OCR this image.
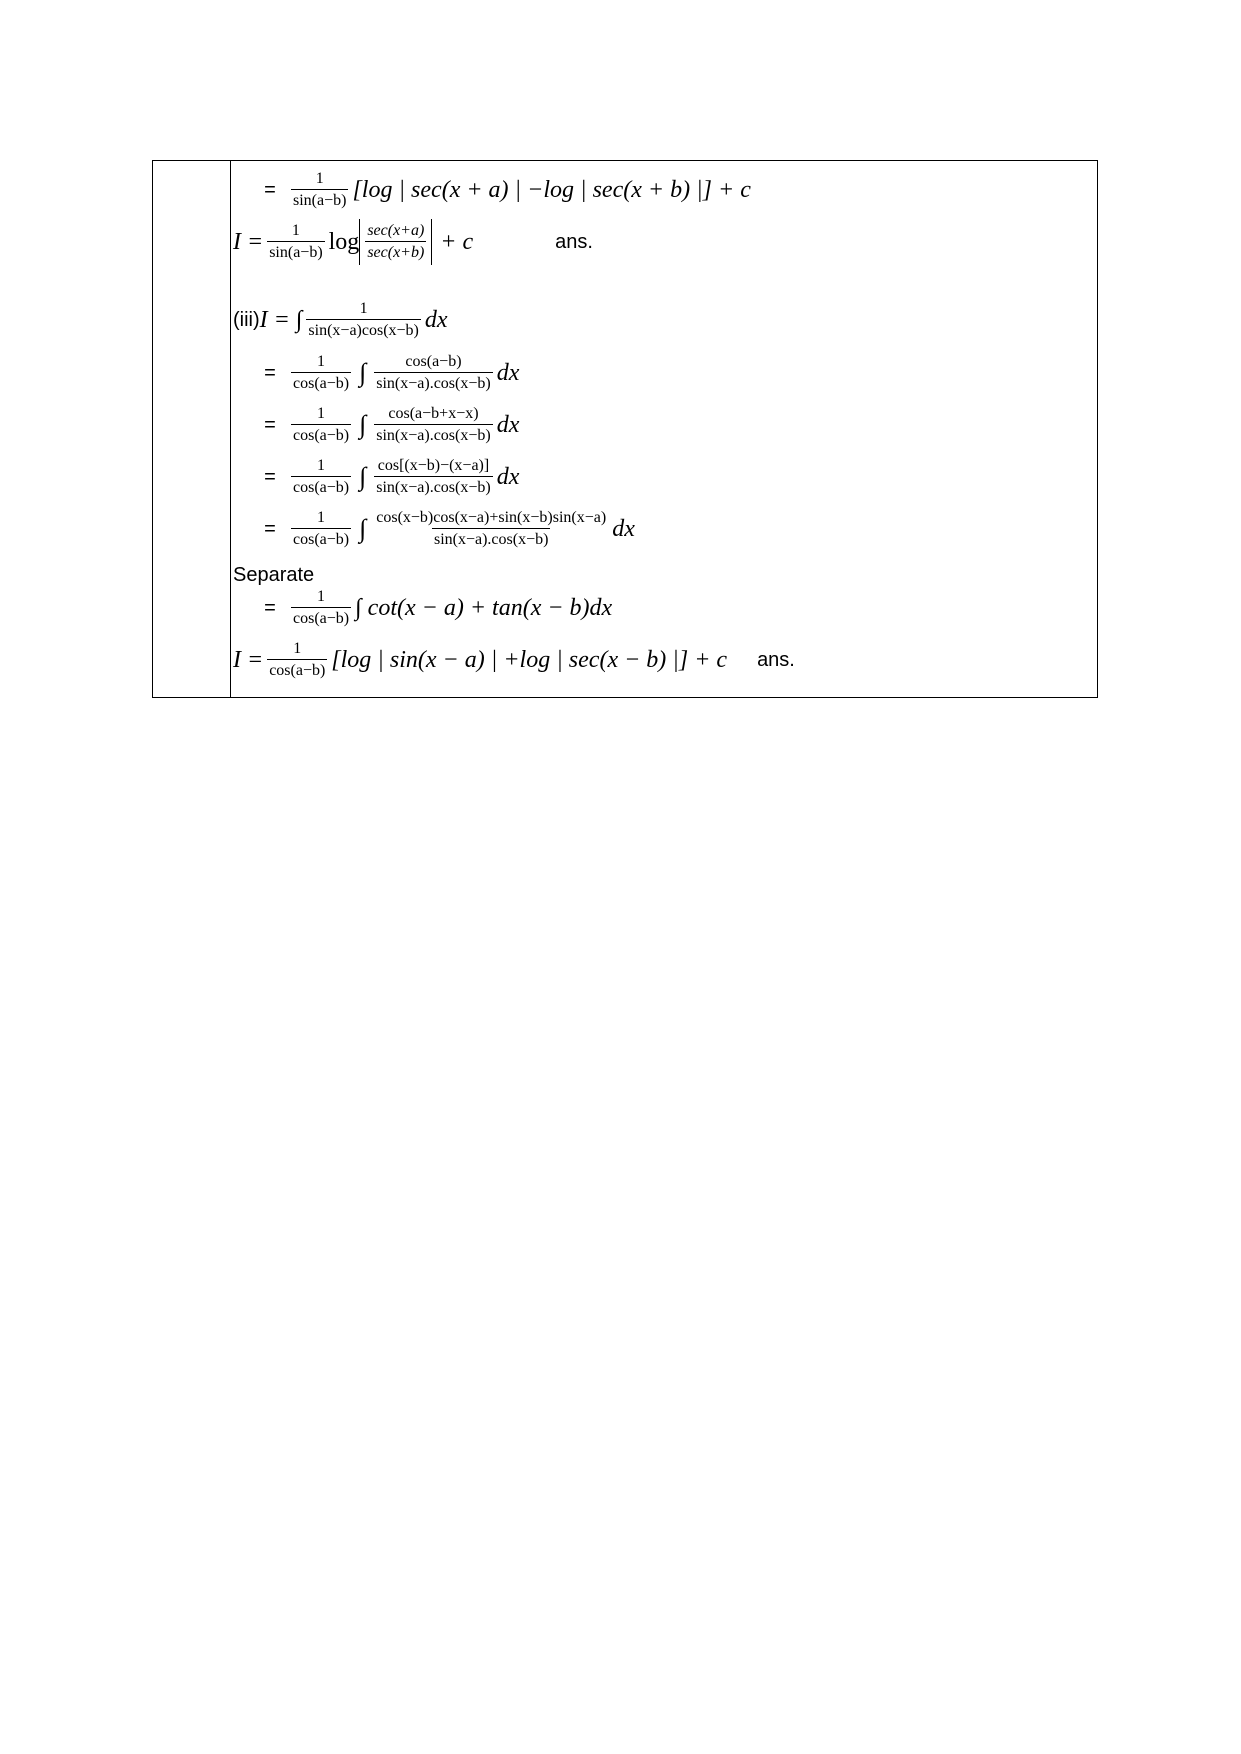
= $\frac{1}{\sin(a-b)} [\log$ | sec(x + a) | −log | sec(x + b) |] + c
$I = \frac{1}{\sin(a-b)}$ $\log \frac{\sec(x+a)}{\sec(x+b)} + c$	ans.
(iii) I = ∫ $\frac{1}{\sin(x-a)\cos(x-b)}$ dx
= $\frac{1}{\cos(a-b)}$ ∫ $\frac{\cos(a-b)}{\sin(x-a).\cos(x-b)}$ dx
= $\frac{1}{\cos(a-b)}$ ∫ $\frac{\cos(a-b+x-x)}{\sin(x-a).\cos(x-b)}$ dx
= $\frac{1}{\cos(a-b)}$ ∫ $\frac{\cos[(x-b)-(x-a)]}{\sin(x-a).\cos(x-b)}$ dx
= $\frac{1}{\cos(a-b)}$ ∫ $\frac{\cos(x-b)\cos(x-a)+\sin(x-b)\sin(x-a)}{\sin(x-a).\cos(x-b)}$ dx
Separate
= $\frac{1}{\cos(a-b)}$ ∫ cot(x − a) + tan(x − b)dx
$I = \frac{1}{\cos(a-b)} [\log$ | sin(x − a) | +log | sec(x − b) |] + c ans.
